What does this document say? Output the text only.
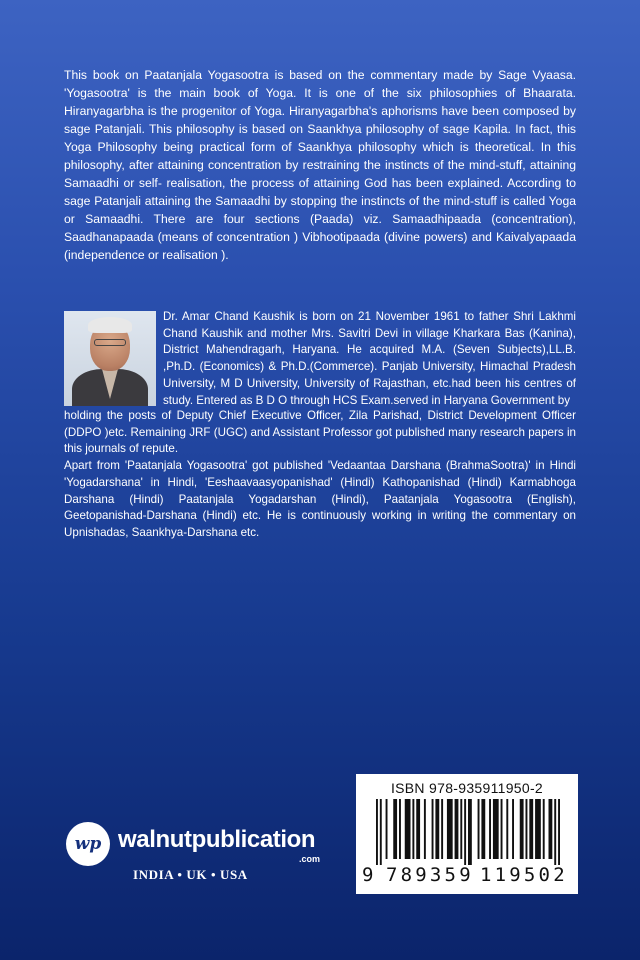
This book on Paatanjala Yogasootra is based on the commentary made by Sage Vyaasa. 'Yogasootra' is the main book of Yoga. It is one of the six philosophies of Bhaarata. Hiranyagarbha is the progenitor of Yoga. Hiranyagarbha's aphorisms have been composed by sage Patanjali. This philosophy is based on Saankhya philosophy of sage Kapila. In fact, this Yoga Philosophy being practical form of Saankhya philosophy which is theoretical. In this philosophy, after attaining concentration by restraining the instincts of the mind-stuff, attaining Samaadhi or self- realisation, the process of attaining God has been explained. According to sage Patanjali attaining the Samaadhi by stopping the instincts of the mind-stuff is called Yoga or Samaadhi. There are four sections (Paada) viz. Samaadhipaada (concentration), Saadhanapaada (means of concentration ) Vibhootipaada (divine powers) and Kaivalyapaada (independence or realisation ).

Dr. Amar Chand Kaushik is born on 21 November 1961 to father Shri Lakhmi Chand Kaushik and mother Mrs. Savitri Devi in village Kharkara Bas (Kanina), District Mahendragarh, Haryana. He acquired M.A. (Seven Subjects),LL.B. ,Ph.D. (Economics) & Ph.D.(Commerce). Panjab University, Himachal Pradesh University, M D University, University of Rajasthan, etc.had been his centres of study. Entered as B D O through HCS Exam.served in Haryana Government by

holding the posts of Deputy Chief Executive Officer, Zila Parishad, District Development Officer (DDPO )etc. Remaining JRF (UGC) and Assistant Professor got published many research papers in this journals of repute.

Apart from 'Paatanjala Yogasootra' got published 'Vedaantaa Darshana (BrahmaSootra)' in Hindi 'Yogadarshana' in Hindi, 'Eeshaavaasyopanishad' (Hindi) Kathopanishad (Hindi) Karmabhoga Darshana (Hindi) Paatanjala Yogadarshan (Hindi), Paatanjala Yogasootra (English), Geetopanishad-Darshana (Hindi) etc. He is continuously working in writing the commentary on Upnishadas, Saankhya-Darshana etc.

wp walnutpublication
.com
INDIA • UK • USA
ISBN 978-935911950-2
9 789359 119502
